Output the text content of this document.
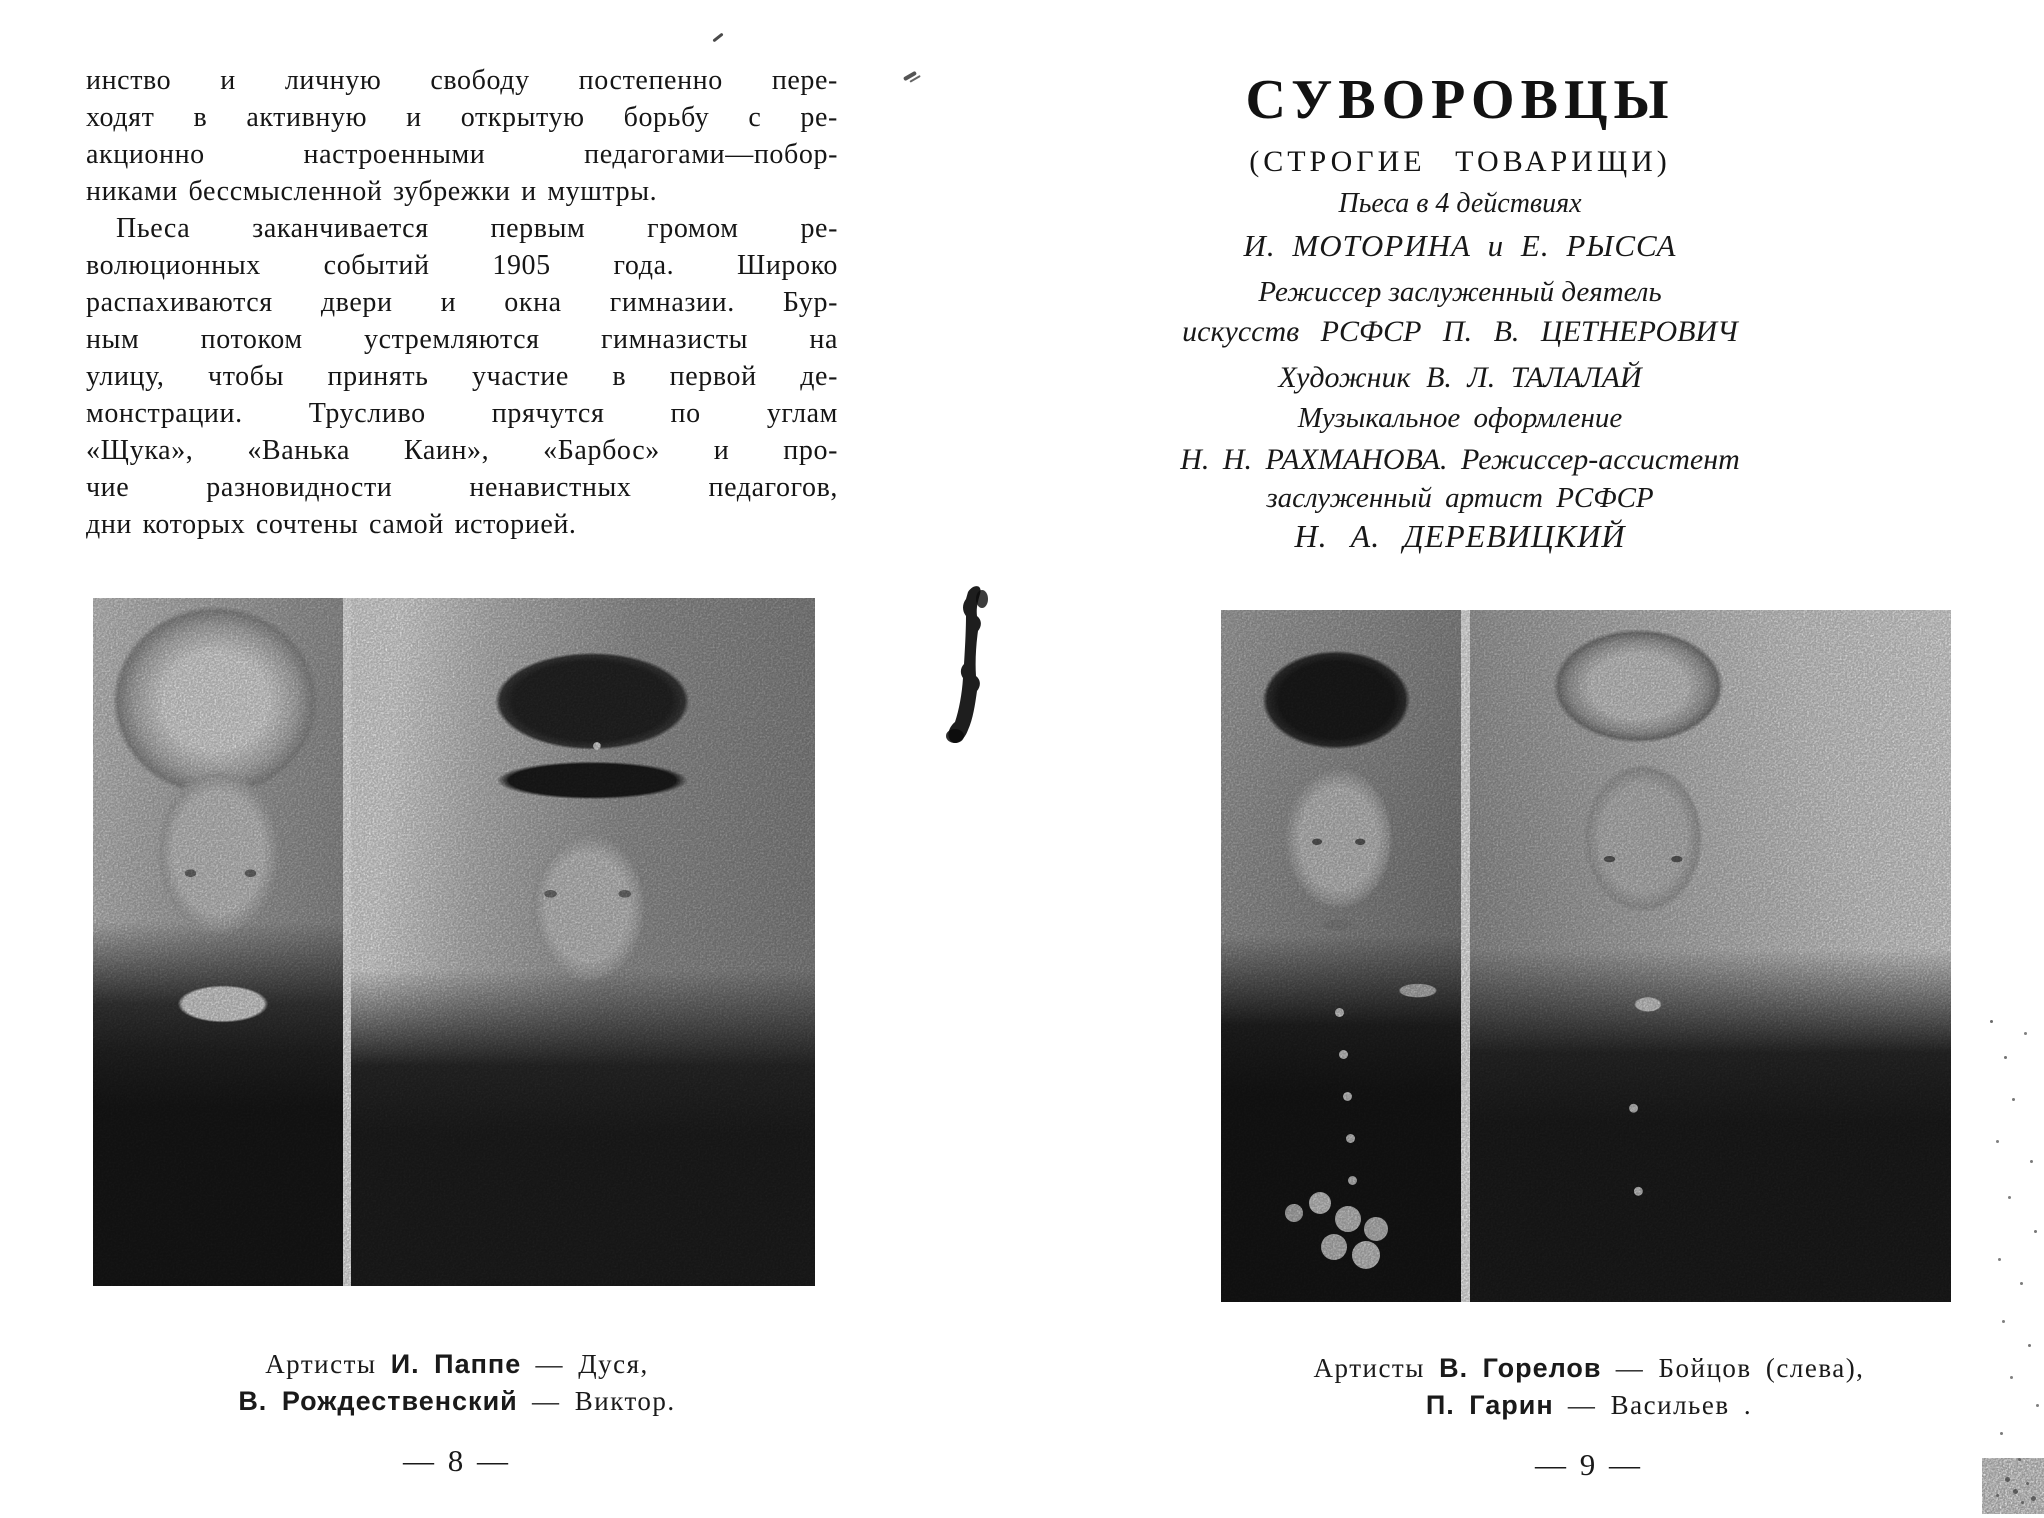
инство и личную свободу постепенно пере-
ходят в активную и открытую борьбу с ре-
акционно настроенными педагогами—побор-
никами бессмысленной зубрежки и муштры.
Пьеса заканчивается первым громом ре-
волюционных событий 1905 года. Широко
распахиваются двери и окна гимназии. Бур-
ным потоком устремляются гимназисты на
улицу, чтобы принять участие в первой де-
монстрации. Трусливо прячутся по углам
«Щука», «Ванька Каин», «Барбос» и про-
чие разновидности ненавистных педагогов,
дни которых сочтены самой историей.
Артисты И. Паппе — Дуся,
В. Рождественский — Виктор.
— 8 —
СУВОРОВЦЫ
(СТРОГИЕ ТОВАРИЩИ)
Пьеса в 4 действиях
И. МОТОРИНА и Е. РЫССА
Режиссер заслуженный деятель
искусств РСФСР П. В. ЦЕТНЕРОВИЧ
Художник В. Л. ТАЛАЛАЙ
Музыкальное оформление
Н. Н. РАХМАНОВА. Режиссер-ассистент
заслуженный артист РСФСР
Н. А. ДЕРЕВИЦКИЙ
Артисты В. Горелов — Бойцов (слева),
П. Гарин — Васильев .
— 9 —
